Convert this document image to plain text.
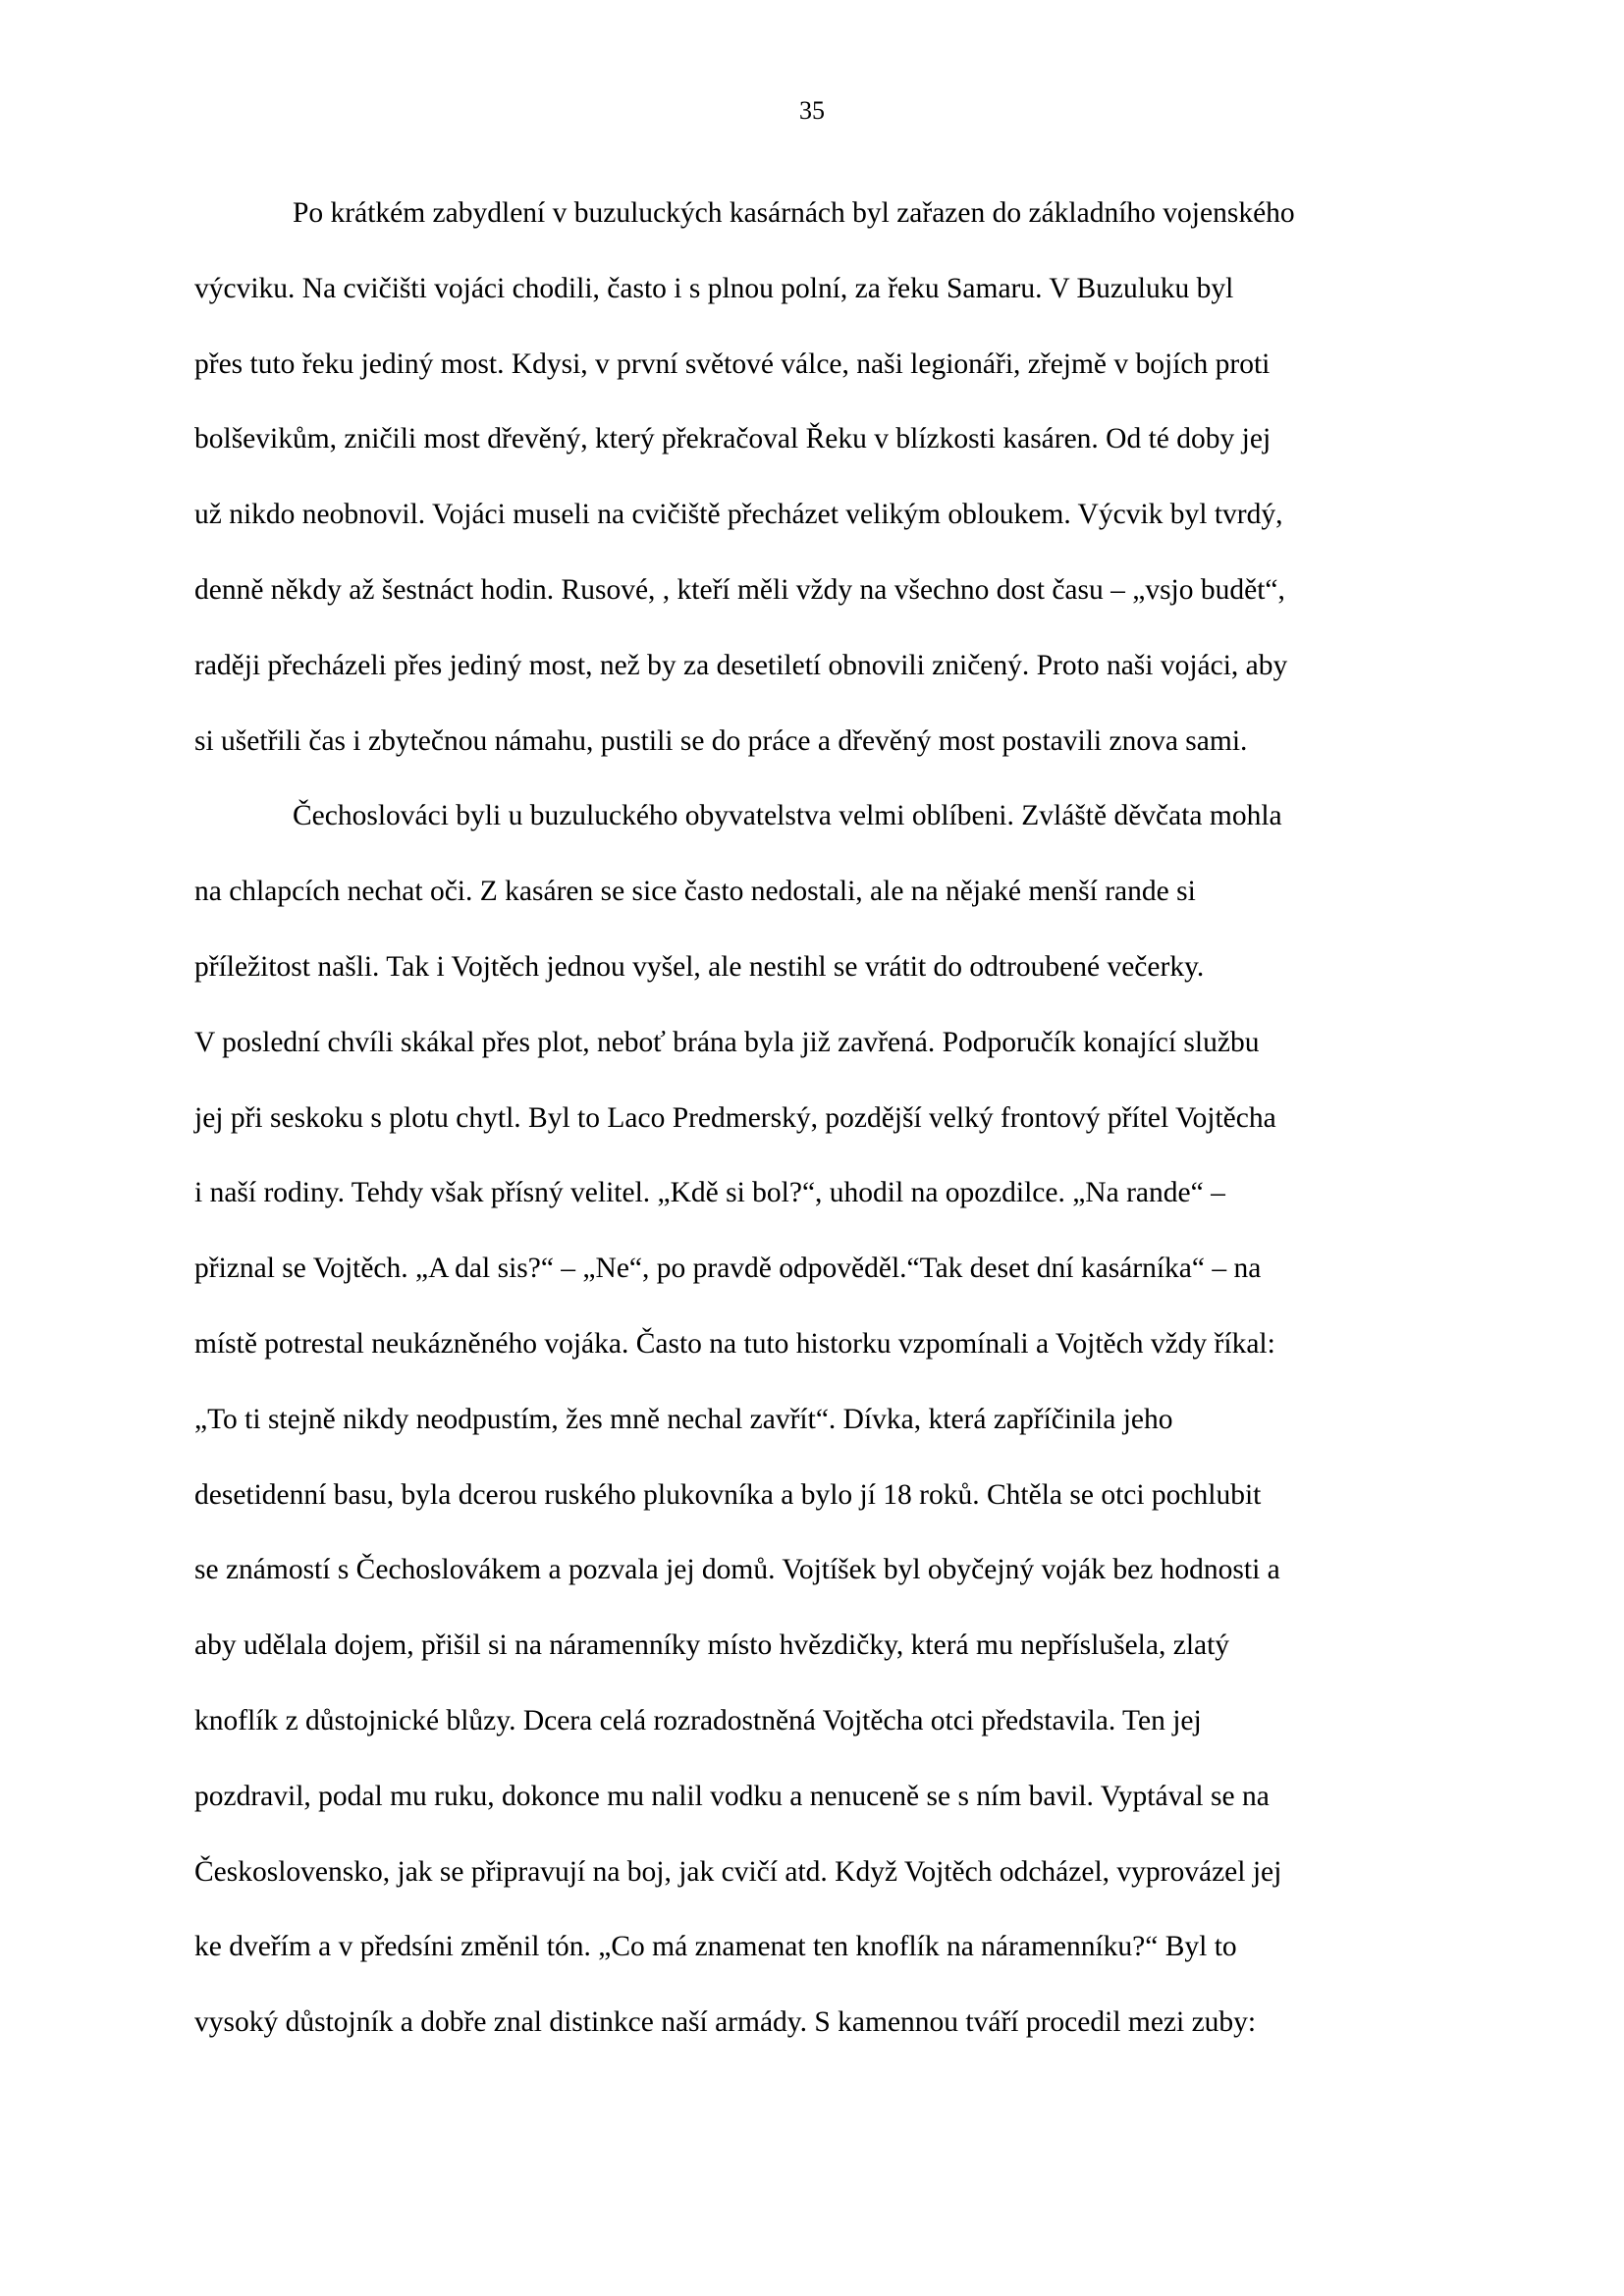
35
Po krátkém zabydlení v buzuluckých kasárnách byl zařazen do základního vojenského
výcviku. Na cvičišti vojáci chodili, často i s plnou polní, za řeku Samaru. V Buzuluku byl
přes tuto řeku jediný most. Kdysi, v první světové válce, naši legionáři, zřejmě v bojích proti
bolševikům, zničili most dřevěný, který překračoval Řeku v blízkosti kasáren. Od té doby jej
už nikdo neobnovil. Vojáci museli na cvičiště přecházet velikým obloukem. Výcvik byl tvrdý,
denně někdy až šestnáct hodin. Rusové, , kteří měli vždy na všechno dost času – „vsjo budět“,
raději přecházeli přes jediný most, než by za desetiletí obnovili zničený. Proto naši vojáci, aby
si ušetřili čas i zbytečnou námahu, pustili se do práce a dřevěný most postavili znova sami.
Čechoslováci byli u buzuluckého obyvatelstva velmi oblíbeni. Zvláště děvčata mohla
na chlapcích nechat oči. Z kasáren se sice často nedostali, ale na nějaké menší rande si
příležitost našli. Tak i Vojtěch jednou vyšel, ale nestihl se vrátit do odtroubené večerky.
V poslední chvíli skákal přes plot, neboť brána byla již zavřená. Podporučík konající službu
jej při seskoku s plotu chytl. Byl to Laco Predmerský, pozdější velký frontový přítel Vojtěcha
i naší rodiny. Tehdy však přísný velitel. „Kdě si bol?“, uhodil na opozdilce. „Na rande“ –
přiznal se Vojtěch. „A dal sis?“ – „Ne“, po pravdě odpověděl.“Tak deset dní kasárníka“ – na
místě potrestal neukázněného vojáka. Často na tuto historku vzpomínali a Vojtěch vždy říkal:
„To ti stejně nikdy neodpustím, žes mně nechal zavřít“. Dívka, která zapříčinila jeho
desetidenní basu, byla dcerou ruského plukovníka a bylo jí 18 roků. Chtěla se otci pochlubit
se známostí s Čechoslovákem a pozvala jej domů. Vojtíšek byl obyčejný voják bez hodnosti a
aby udělala dojem, přišil si na náramenníky místo hvězdičky, která mu nepříslušela, zlatý
knoflík z důstojnické blůzy. Dcera celá rozradostněná Vojtěcha otci představila. Ten jej
pozdravil, podal mu ruku, dokonce mu nalil vodku a nenuceně se s ním bavil. Vyptával se na
Československo, jak se připravují na boj, jak cvičí atd. Když Vojtěch odcházel, vyprovázel jej
ke dveřím a v předsíni změnil tón. „Co má znamenat ten knoflík na náramenníku?“ Byl to
vysoký důstojník a dobře znal distinkce naší armády. S kamennou tváří procedil mezi zuby:
